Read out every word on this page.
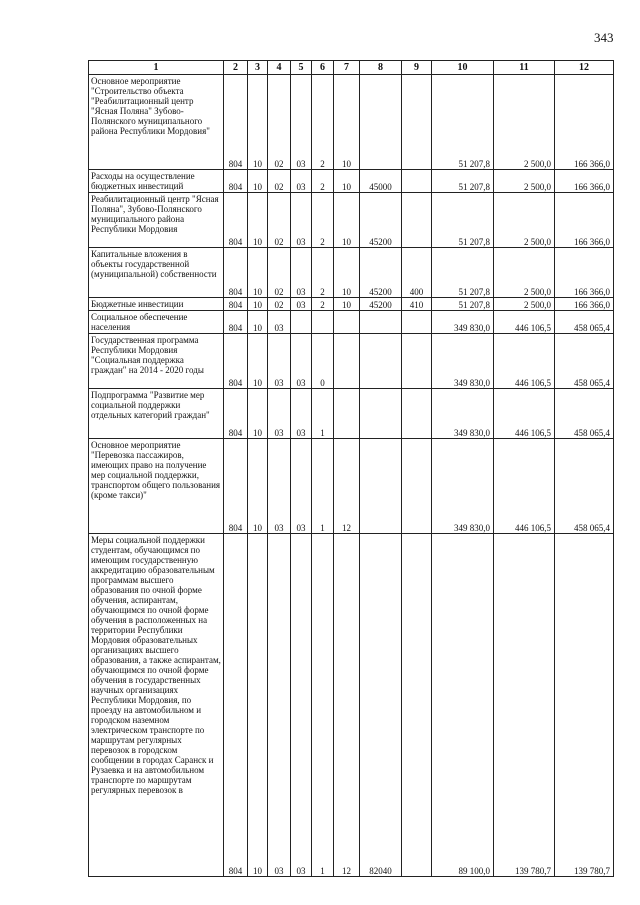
343
1	2	3	4	5	6	7	8	9	10	11	12
Основное мероприятие "Строительство объекта "Реабилитационный центр "Ясная Поляна" Зубово-Полянского муниципального района Республики Мордовия"	804	10	02	03	2	10			51 207,8	2 500,0	166 366,0
Расходы на осуществление бюджетных инвестиций	804	10	02	03	2	10	45000		51 207,8	2 500,0	166 366,0
Реабилитационный центр "Ясная Поляна", Зубово-Полянского муниципального района Республики Мордовия	804	10	02	03	2	10	45200		51 207,8	2 500,0	166 366,0
Капитальные вложения в объекты государственной (муниципальной) собственности	804	10	02	03	2	10	45200	400	51 207,8	2 500,0	166 366,0
Бюджетные инвестиции	804	10	02	03	2	10	45200	410	51 207,8	2 500,0	166 366,0
Социальное обеспечение населения	804	10	03						349 830,0	446 106,5	458 065,4
Государственная программа Республики Мордовия "Социальная поддержка граждан" на 2014 - 2020 годы	804	10	03	03	0				349 830,0	446 106,5	458 065,4
Подпрограмма "Развитие мер социальной поддержки отдельных категорий граждан"	804	10	03	03	1				349 830,0	446 106,5	458 065,4
Основное мероприятие "Перевозка пассажиров, имеющих право на получение мер социальной поддержки, транспортом общего пользования (кроме такси)"	804	10	03	03	1	12			349 830,0	446 106,5	458 065,4
Меры социальной поддержки студентам, обучающимся по имеющим государственную аккредитацию образовательным программам высшего образования по очной форме обучения, аспирантам, обучающимся по очной форме обучения в расположенных на территории Республики Мордовия образовательных организациях высшего образования, а также аспирантам, обучающимся по очной форме обучения в государственных научных организациях Республики Мордовия, по проезду на автомобильном и городском наземном электрическом транспорте по маршрутам регулярных перевозок в городском сообщении в городах Саранск и Рузаевка и на автомобильном транспорте по маршрутам регулярных перевозок в	804	10	03	03	1	12	82040		89 100,0	139 780,7	139 780,7
